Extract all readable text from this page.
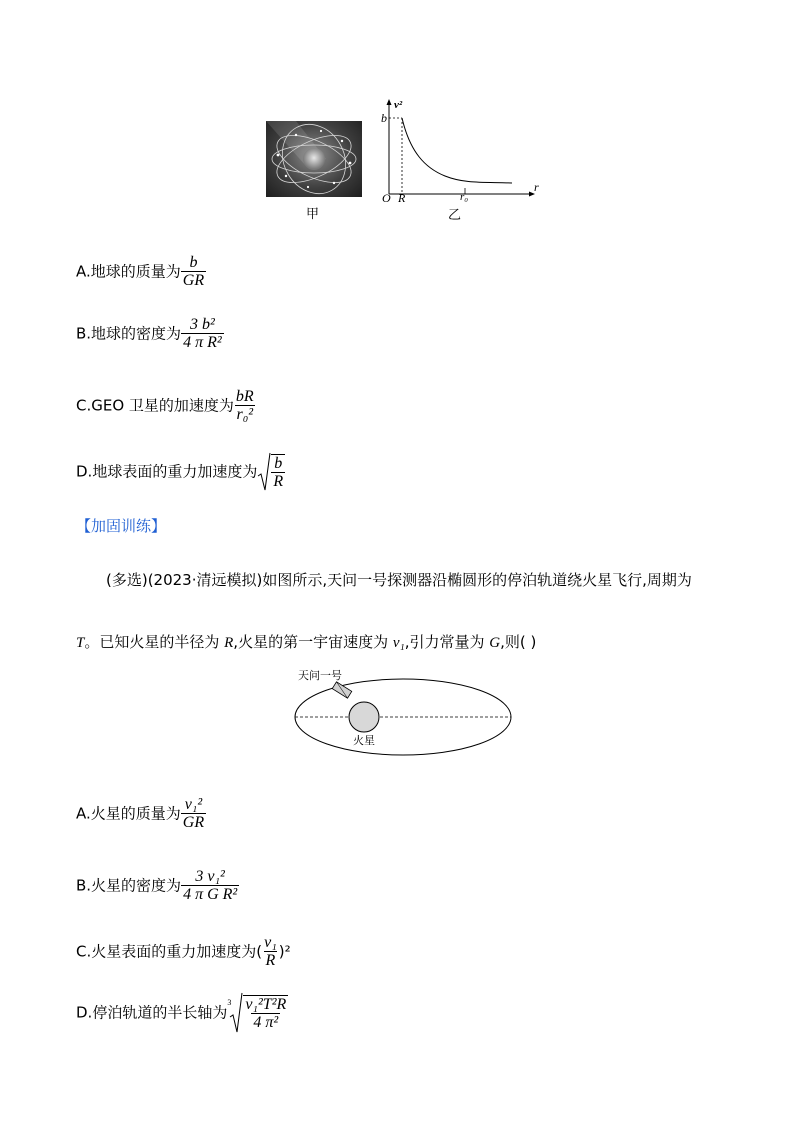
甲
v²
b
O R	r₀
r
乙
A.地球的质量为 $\frac{b}{GR}$
B.地球的密度为 $\frac{\text{3 b²}}{\text{4 π R²}}$
C.GEO 卫星的加速度为 $\frac{bR}{\text{r₀²}}$
D.地球表面的重力加速度为 $\frac{b}{R}$
【加固训练】
(多选)(2023·清远模拟)如图所示,天问一号探测器沿椭圆形的停泊轨道绕火星飞行,周期为
T。已知火星的半径为 R,火星的第一宇宙速度为 v₁,引力常量为 G,则( )
天问一号
火星
A.火星的质量为 $\frac{\text{v₁²}}{GR}$
B.火星的密度为 $\frac{\text{3 v₁²}}{\text{4 π G R²}}$
C.火星表面的重力加速度为( $\frac{\text{v₁}}{R} )^2$
D.停泊轨道的半长轴为
$3 \frac{\text{v₁²T²R}}{\text{4 π²}}$
